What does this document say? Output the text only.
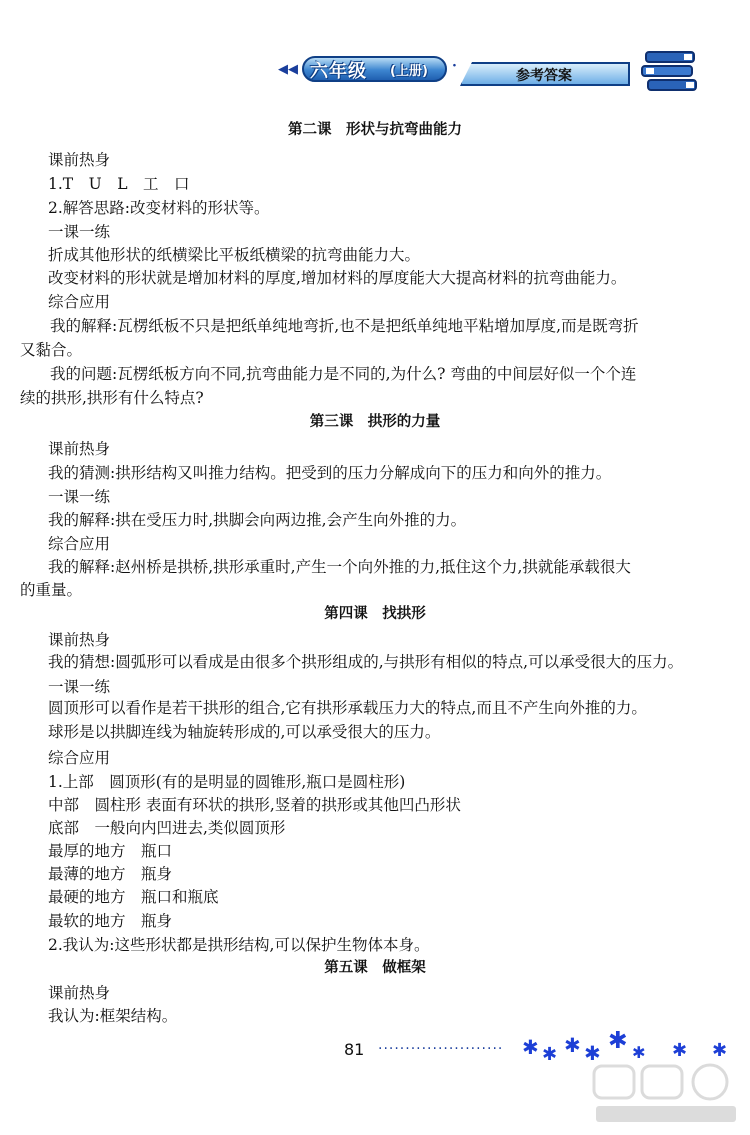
◀◀ 六年级 (上册) ·
参考答案
第二课　形状与抗弯曲能力
课前热身
1.T　U　L　工　口
2.解答思路:改变材料的形状等。
一课一练
折成其他形状的纸横梁比平板纸横梁的抗弯曲能力大。
改变材料的形状就是增加材料的厚度,增加材料的厚度能大大提高材料的抗弯曲能力。
综合应用
我的解释:瓦楞纸板不只是把纸单纯地弯折,也不是把纸单纯地平粘增加厚度,而是既弯折
又黏合。
我的问题:瓦楞纸板方向不同,抗弯曲能力是不同的,为什么? 弯曲的中间层好似一个个连
续的拱形,拱形有什么特点?
第三课　拱形的力量
课前热身
我的猜测:拱形结构又叫推力结构。把受到的压力分解成向下的压力和向外的推力。
一课一练
我的解释:拱在受压力时,拱脚会向两边推,会产生向外推的力。
综合应用
我的解释:赵州桥是拱桥,拱形承重时,产生一个向外推的力,抵住这个力,拱就能承载很大
的重量。
第四课　找拱形
课前热身
我的猜想:圆弧形可以看成是由很多个拱形组成的,与拱形有相似的特点,可以承受很大的压力。
一课一练
圆顶形可以看作是若干拱形的组合,它有拱形承载压力大的特点,而且不产生向外推的力。
球形是以拱脚连线为轴旋转形成的,可以承受很大的压力。
综合应用
1.上部　圆顶形(有的是明显的圆锥形,瓶口是圆柱形)
中部　圆柱形 表面有环状的拱形,竖着的拱形或其他凹凸形状
底部　一般向内凹进去,类似圆顶形
最厚的地方　瓶口
最薄的地方　瓶身
最硬的地方　瓶口和瓶底
最软的地方　瓶身
2.我认为:这些形状都是拱形结构,可以保护生物体本身。
第五课　做框架
课前热身
我认为:框架结构。
81 ······················· ✱ ✱ ✱ ✱ ✱ ✱ ✱ ✱
